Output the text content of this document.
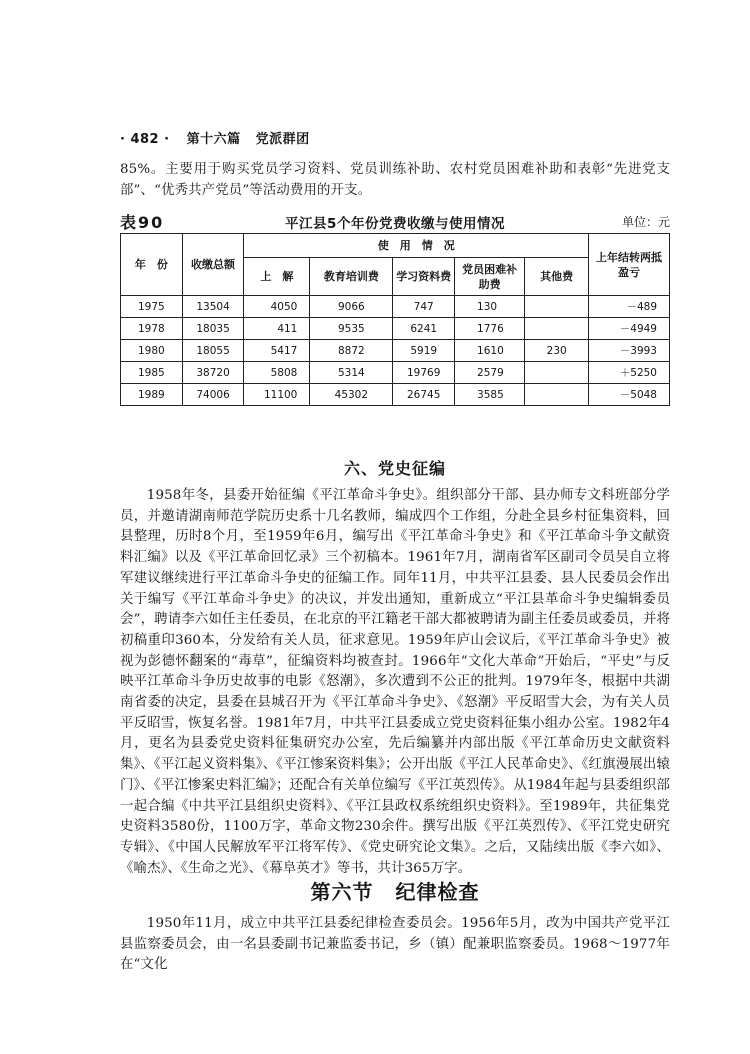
· 482 · 第十六篇 党派群团

85%。主要用于购买党员学习资料、党员训练补助、农村党员困难补助和表彰“先进党支部”、“优秀共产党员”等活动费用的开支。

平江县5个年份党费收缴与使用情况
表90	单位：元
年　份	收缴总额	使　用　情　况					上年结转两抵盈亏
		上　解	教育培训费	学习资料费	党员困难补助费	其他费	
1975	13504	4050	9066	747	130		－489
1978	18035	411	9535	6241	1776		－4949
1980	18055	5417	8872	5919	1610	230	－3993
1985	38720	5808	5314	19769	2579		＋5250
1989	74006	11100	45302	26745	3585		－5048
六、党史征编

1958年冬，县委开始征编《平江革命斗争史》。组织部分干部、县办师专文科班部分学员，并邀请湖南师范学院历史系十几名教师，编成四个工作组，分赴全县乡村征集资料，回县整理，历时8个月，至1959年6月，编写出《平江革命斗争史》和《平江革命斗争文献资料汇编》以及《平江革命回忆录》三个初稿本。1961年7月，湖南省军区副司令员吴自立将军建议继续进行平江革命斗争史的征编工作。同年11月，中共平江县委、县人民委员会作出关于编写《平江革命斗争史》的决议，并发出通知，重新成立“平江县革命斗争史编辑委员会”，聘请李六如任主任委员，在北京的平江籍老干部大都被聘请为副主任委员或委员，并将初稿重印360本，分发给有关人员，征求意见。1959年庐山会议后，《平江革命斗争史》被视为彭德怀翻案的“毒草”，征编资料均被查封。1966年“文化大革命”开始后，“平史”与反映平江革命斗争历史故事的电影《怒潮》，多次遭到不公正的批判。1979年冬，根据中共湖南省委的决定，县委在县城召开为《平江革命斗争史》、《怒潮》平反昭雪大会，为有关人员平反昭雪，恢复名誉。1981年7月，中共平江县委成立党史资料征集小组办公室。1982年4月，更名为县委党史资料征集研究办公室，先后编纂并内部出版《平江革命历史文献资料集》、《平江起义资料集》、《平江惨案资料集》；公开出版《平江人民革命史》、《红旗漫展出辕门》、《平江惨案史料汇编》；还配合有关单位编写《平江英烈传》。从1984年起与县委组织部一起合编《中共平江县组织史资料》、《平江县政权系统组织史资料》。至1989年，共征集党史资料3580份，1100万字，革命文物230余件。撰写出版《平江英烈传》、《平江党史研究专辑》、《中国人民解放军平江将军传》、《党史研究论文集》。之后，又陆续出版《李六如》、《喻杰》、《生命之光》、《幕阜英才》等书，共计365万字。

第六节 纪律检查

1950年11月，成立中共平江县委纪律检查委员会。1956年5月，改为中国共产党平江县监察委员会，由一名县委副书记兼监委书记，乡（镇）配兼职监察委员。1968～1977年在“文化
